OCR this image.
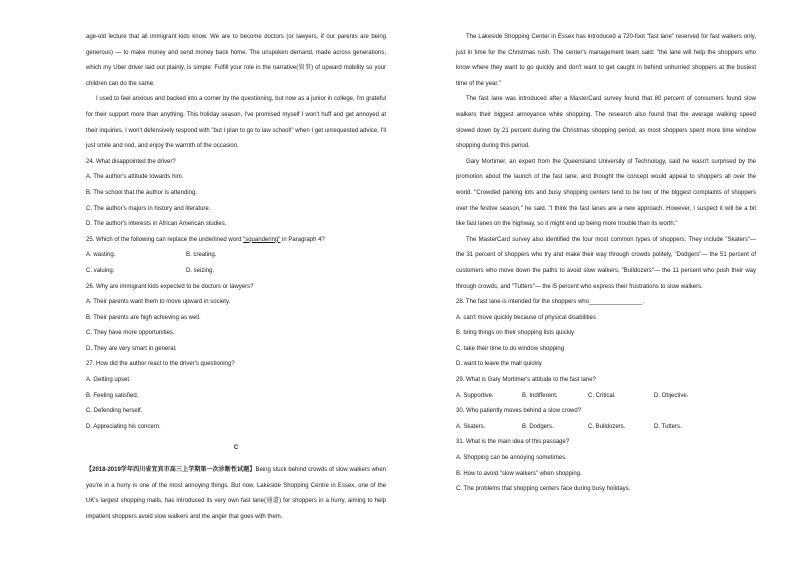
age-old lecture that all immigrant kids know. We are to become doctors (or lawyers, if our parents are being generous) — to make money and send money back home. The unspoken demand, made across generations, which my Uber driver laid out plainly, is simple: Fulfill your role in the narrative(叙事) of upward mobility so your children can do the same.

I used to feel anxious and backed into a corner by the questioning, but now as a junior in college, I'm grateful for their support more than anything. This holiday season, I've promised myself I won't huff and get annoyed at their inquiries. I won't defensively respond with "but I plan to go to law school!" when I get unrequested advice. I'll just smile and nod, and enjoy the warmth of the occasion.

24. What disappointed the driver?

A. The author's attitude towards him.

B. The school that the author is attending.

C. The author's majors in history and literature.

D. The author's interests in African American studies.

25. Which of the following can replace the underlined word "squandering" in Paragraph 4?

A. wasting.	B. creating.
C. valuing.	D. seizing.

26. Why are immigrant kids expected to be doctors or lawyers?

A. Their parents want them to move upward in society.

B. Their parents are high achieving as well.

C. They have more opportunities.

D. They are very smart in general.

27. How did the author react to the driver's questioning?

A. Getting upset.

B. Feeling satisfied.

C. Defending herself.

D. Appreciating his concern.

C

【2018-2019学年四川省宜宾市高三上学期第一次诊断性试题】Being stuck behind crowds of slow walkers when you're in a hurry is one of the most annoying things. But now, Lakeside Shopping Centre in Essex, one of the UK's largest shopping malls, has introduced its very own fast lane(通道) for shoppers in a hurry, aiming to help impatient shoppers avoid slow walkers and the anger that goes with them.

The Lakeside Shopping Center in Essex has introduced a 720-foot "fast lane" reserved for fast walkers only, just in time for the Christmas rush. The center's management team said: "the lane will help the shoppers who know where they want to go quickly and don't want to get caught in behind unhurried shoppers at the busiest time of the year."

The fast lane was introduced after a MasterCard survey found that 80 percent of consumers found slow walkers their biggest annoyance while shopping. The research also found that the average walking speed slowed down by 21 percent during the Christmas shopping period, as most shoppers spent more time window shopping during this period.

Gary Mortimer, an expert from the Queensland University of Technology, said he wasn't surprised by the promotion about the launch of the fast lane, and thought the concept would appeal to shoppers all over the world. "Crowded parking lots and busy shopping centers tend to be two of the biggest complaints of shoppers over the festive season," he said. "I think the fast lanes are a new approach. However, I suspect it will be a bit like fast lanes on the highway, so it might end up being more trouble than its worth."

The MasterCard survey also identified the four most common types of shoppers. They include "Skaters"— the 31 percent of shoppers who try and make their way through crowds politely, "Dodgers"— the 51 percent of customers who move down the paths to avoid slow walkers, "Bulldozers"— the 11 percent who push their way through crowds, and "Tutters"— the l5 percent who express their frustrations to slow walkers.

28. The fast lane is intended for the shoppers who________________.

A. can't move quickly because of physical disabilities

B. bring things on their shopping lists quickly

C. take their time to do window shopping

D. want to leave the mall quickly

29. What is Gary Mortimer's attitude to the fast lane?

A. Supportive.	B. Indifferent.	C. Critical.	D. Objective.

30. Who patiently moves behind a slow crowd?

A. Skaters.	B. Dodgers.	C. Bulldozers.	D. Tutters.

31. What is the main idea of this passage?

A. Shopping can be annoying sometimes.

B. How to avoid "slow walkers" when shopping.

C. The problems that shopping centers face during busy holidays.
